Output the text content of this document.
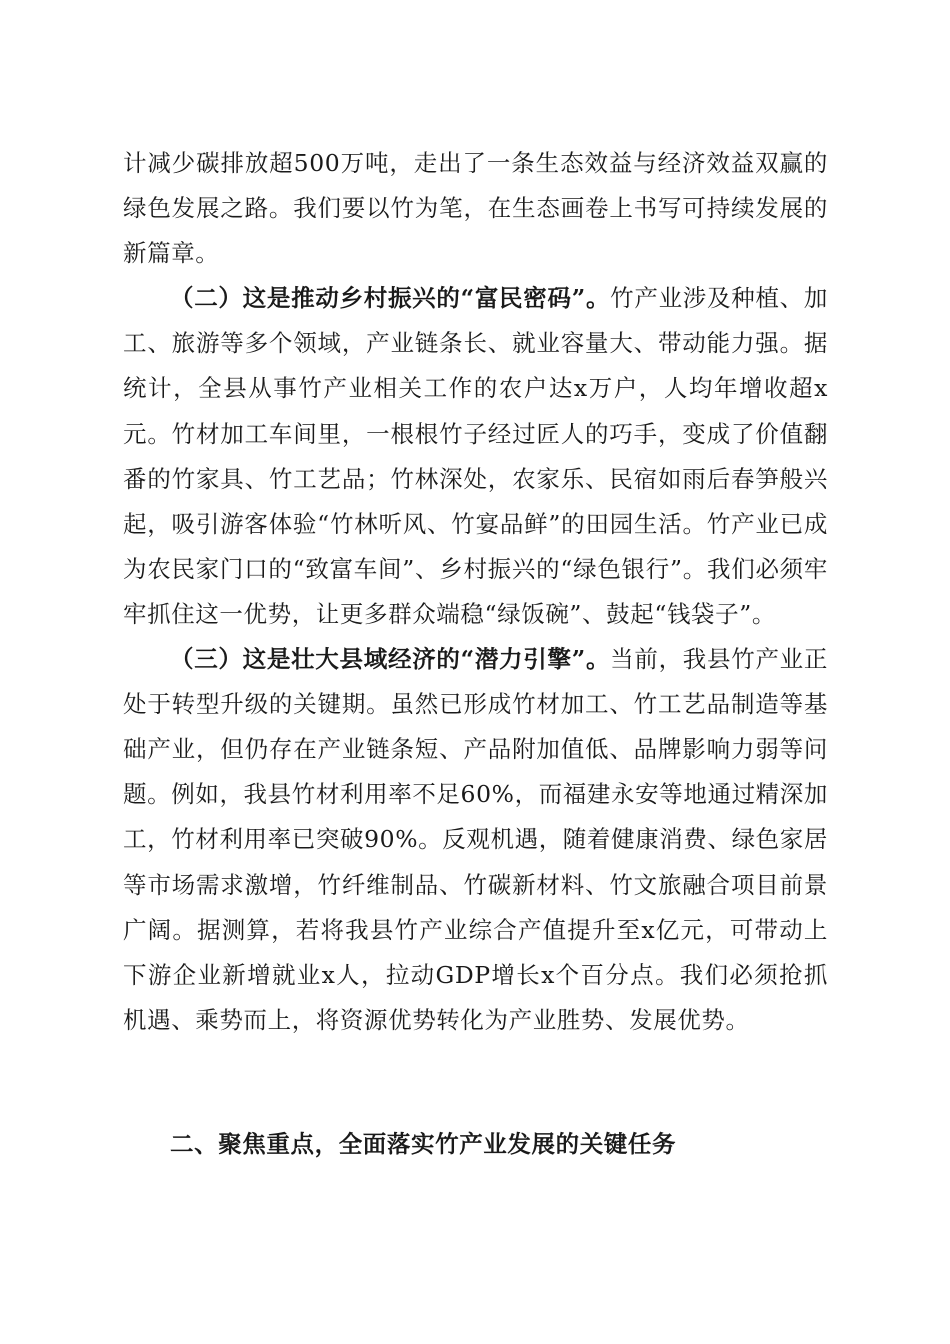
计减少碳排放超500万吨，走出了一条生态效益与经济效益双赢的绿色发展之路。我们要以竹为笔，在生态画卷上书写可持续发展的新篇章。

（二）这是推动乡村振兴的“富民密码”。竹产业涉及种植、加工、旅游等多个领域，产业链条长、就业容量大、带动能力强。据统计，全县从事竹产业相关工作的农户达x万户，人均年增收超x元。竹材加工车间里，一根根竹子经过匠人的巧手，变成了价值翻番的竹家具、竹工艺品；竹林深处，农家乐、民宿如雨后春笋般兴起，吸引游客体验“竹林听风、竹宴品鲜”的田园生活。竹产业已成为农民家门口的“致富车间”、乡村振兴的“绿色银行”。我们必须牢牢抓住这一优势，让更多群众端稳“绿饭碗”、鼓起“钱袋子”。

（三）这是壮大县域经济的“潜力引擎”。当前，我县竹产业正处于转型升级的关键期。虽然已形成竹材加工、竹工艺品制造等基础产业，但仍存在产业链条短、产品附加值低、品牌影响力弱等问题。例如，我县竹材利用率不足60%，而福建永安等地通过精深加工，竹材利用率已突破90%。反观机遇，随着健康消费、绿色家居等市场需求激增，竹纤维制品、竹碳新材料、竹文旅融合项目前景广阔。据测算，若将我县竹产业综合产值提升至x亿元，可带动上下游企业新增就业x人，拉动GDP增长x个百分点。我们必须抢抓机遇、乘势而上，将资源优势转化为产业胜势、发展优势。

二、聚焦重点，全面落实竹产业发展的关键任务
